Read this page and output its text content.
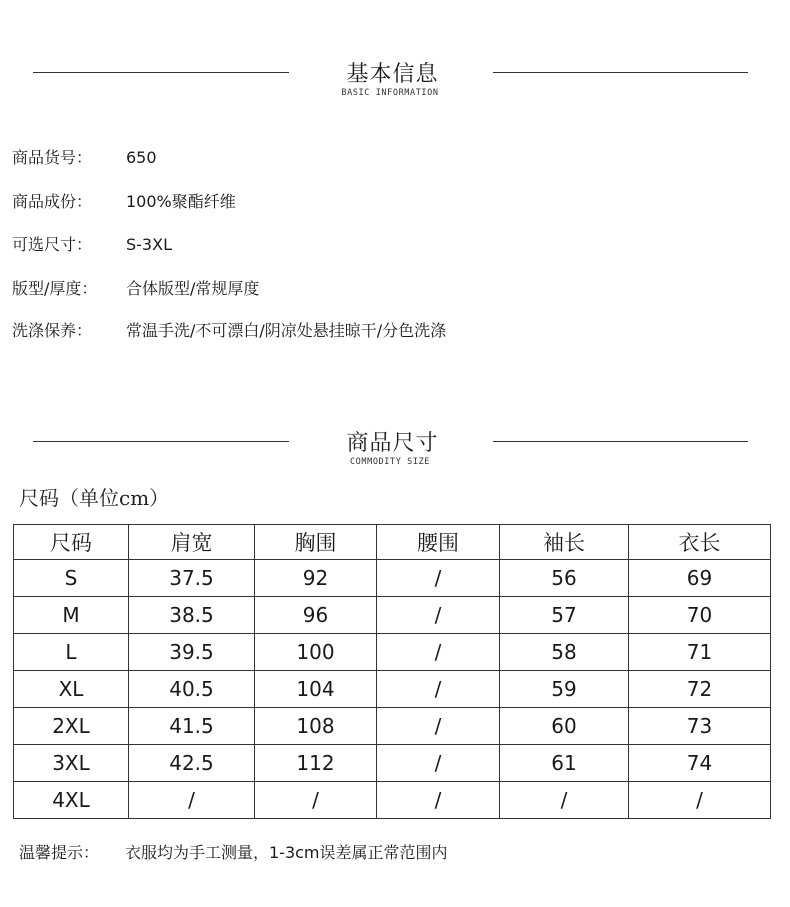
基本信息
BASIC INFORMATION
商品货号： 650
商品成份： 100%聚酯纤维
可选尺寸： S-3XL
版型/厚度： 合体版型/常规厚度
洗涤保养： 常温手洗/不可漂白/阴凉处悬挂晾干/分色洗涤
商品尺寸
COMMODITY SIZE
尺码（单位cm）
尺码	肩宽	胸围	腰围	袖长	衣长
S	37.5	92	/	56	69
M	38.5	96	/	57	70
L	39.5	100	/	58	71
XL	40.5	104	/	59	72
2XL	41.5	108	/	60	73
3XL	42.5	112	/	61	74
4XL	/	/	/	/	/
温馨提示： 衣服均为手工测量，1-3cm误差属正常范围内
